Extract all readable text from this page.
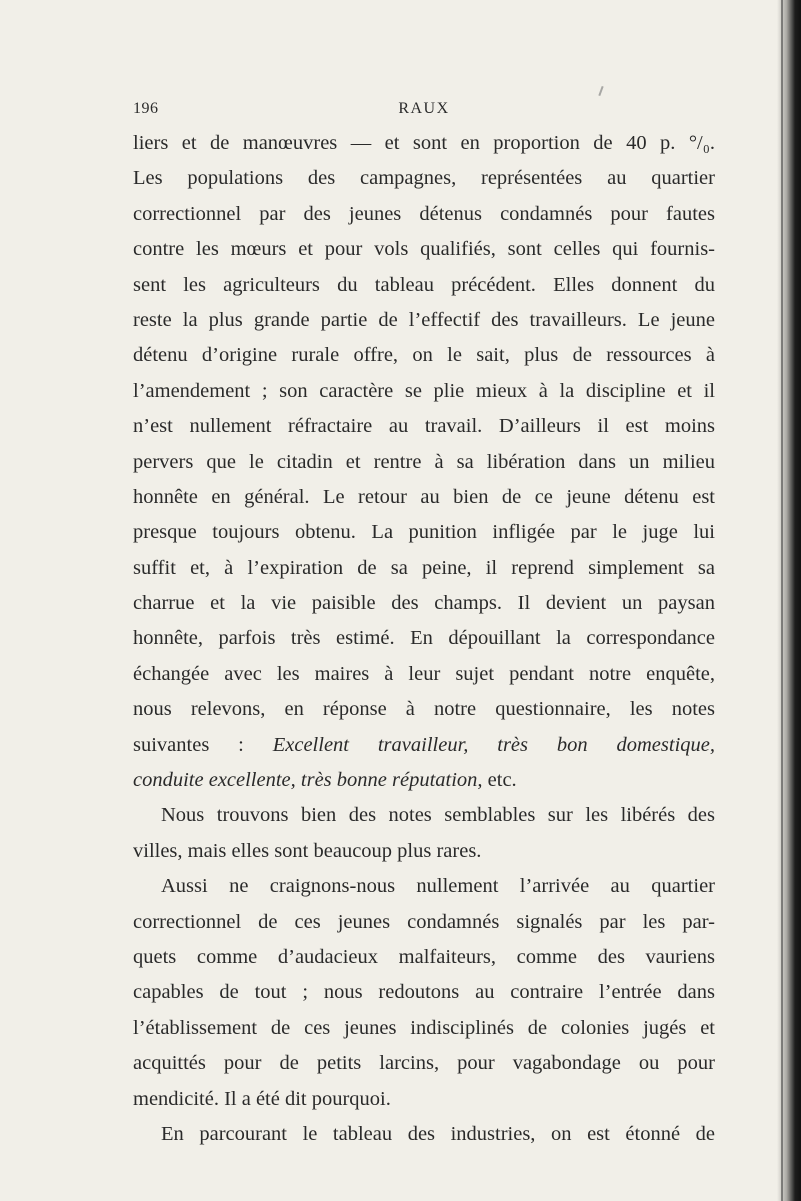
196	RAUX
liers et de manœuvres — et sont en proportion de 40 p. °/₀.
Les populations des campagnes, représentées au quartier
correctionnel par des jeunes détenus condamnés pour fautes
contre les mœurs et pour vols qualifiés, sont celles qui fournis-
sent les agriculteurs du tableau précédent. Elles donnent du
reste la plus grande partie de l’effectif des travailleurs. Le jeune
détenu d’origine rurale offre, on le sait, plus de ressources à
l’amendement ; son caractère se plie mieux à la discipline et il
n’est nullement réfractaire au travail. D’ailleurs il est moins
pervers que le citadin et rentre à sa libération dans un milieu
honnête en général. Le retour au bien de ce jeune détenu est
presque toujours obtenu. La punition infligée par le juge lui
suffit et, à l’expiration de sa peine, il reprend simplement sa
charrue et la vie paisible des champs. Il devient un paysan
honnête, parfois très estimé. En dépouillant la correspondance
échangée avec les maires à leur sujet pendant notre enquête,
nous relevons, en réponse à notre questionnaire, les notes
suivantes : Excellent travailleur, très bon domestique,
conduite excellente, très bonne réputation, etc.
Nous trouvons bien des notes semblables sur les libérés des
villes, mais elles sont beaucoup plus rares.
Aussi ne craignons-nous nullement l’arrivée au quartier
correctionnel de ces jeunes condamnés signalés par les par-
quets comme d’audacieux malfaiteurs, comme des vauriens
capables de tout ; nous redoutons au contraire l’entrée dans
l’établissement de ces jeunes indisciplinés de colonies jugés et
acquittés pour de petits larcins, pour vagabondage ou pour
mendicité. Il a été dit pourquoi.
En parcourant le tableau des industries, on est étonné de
